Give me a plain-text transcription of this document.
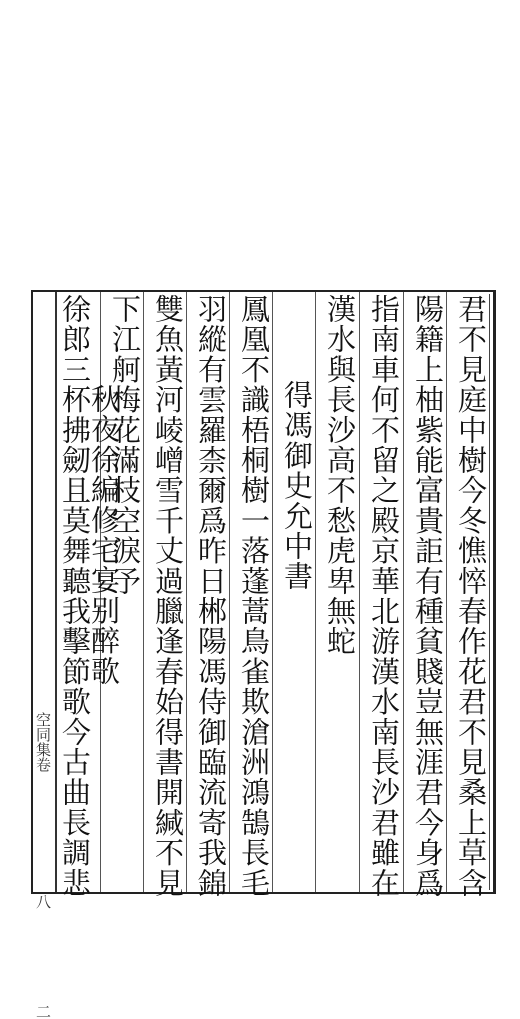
空同集卷
八
二
君不見庭中樹今冬憔悴春作花君不見桑上草含
陽籍上柚紫能富貴詎有種貧賤豈無涯君今身爲
指南車何不留之殿京華北游漢水南長沙君雖在
漢水與長沙高不愁虎卑無蛇
得馮御史允中書
鳳凰不識梧桐樹一落蓬蒿鳥雀欺滄洲鴻鵠長毛
羽縱有雲羅柰爾爲昨日郴陽馮侍御臨流寄我錦
雙魚黃河崚嶒雪千丈過臘逢春始得書開緘不見
下江舸梅花滿枝空淚予
秋夜徐編修宅宴别醉歌
徐郎三杯拂劒且莫舞聽我擊節歌今古曲長調悲
